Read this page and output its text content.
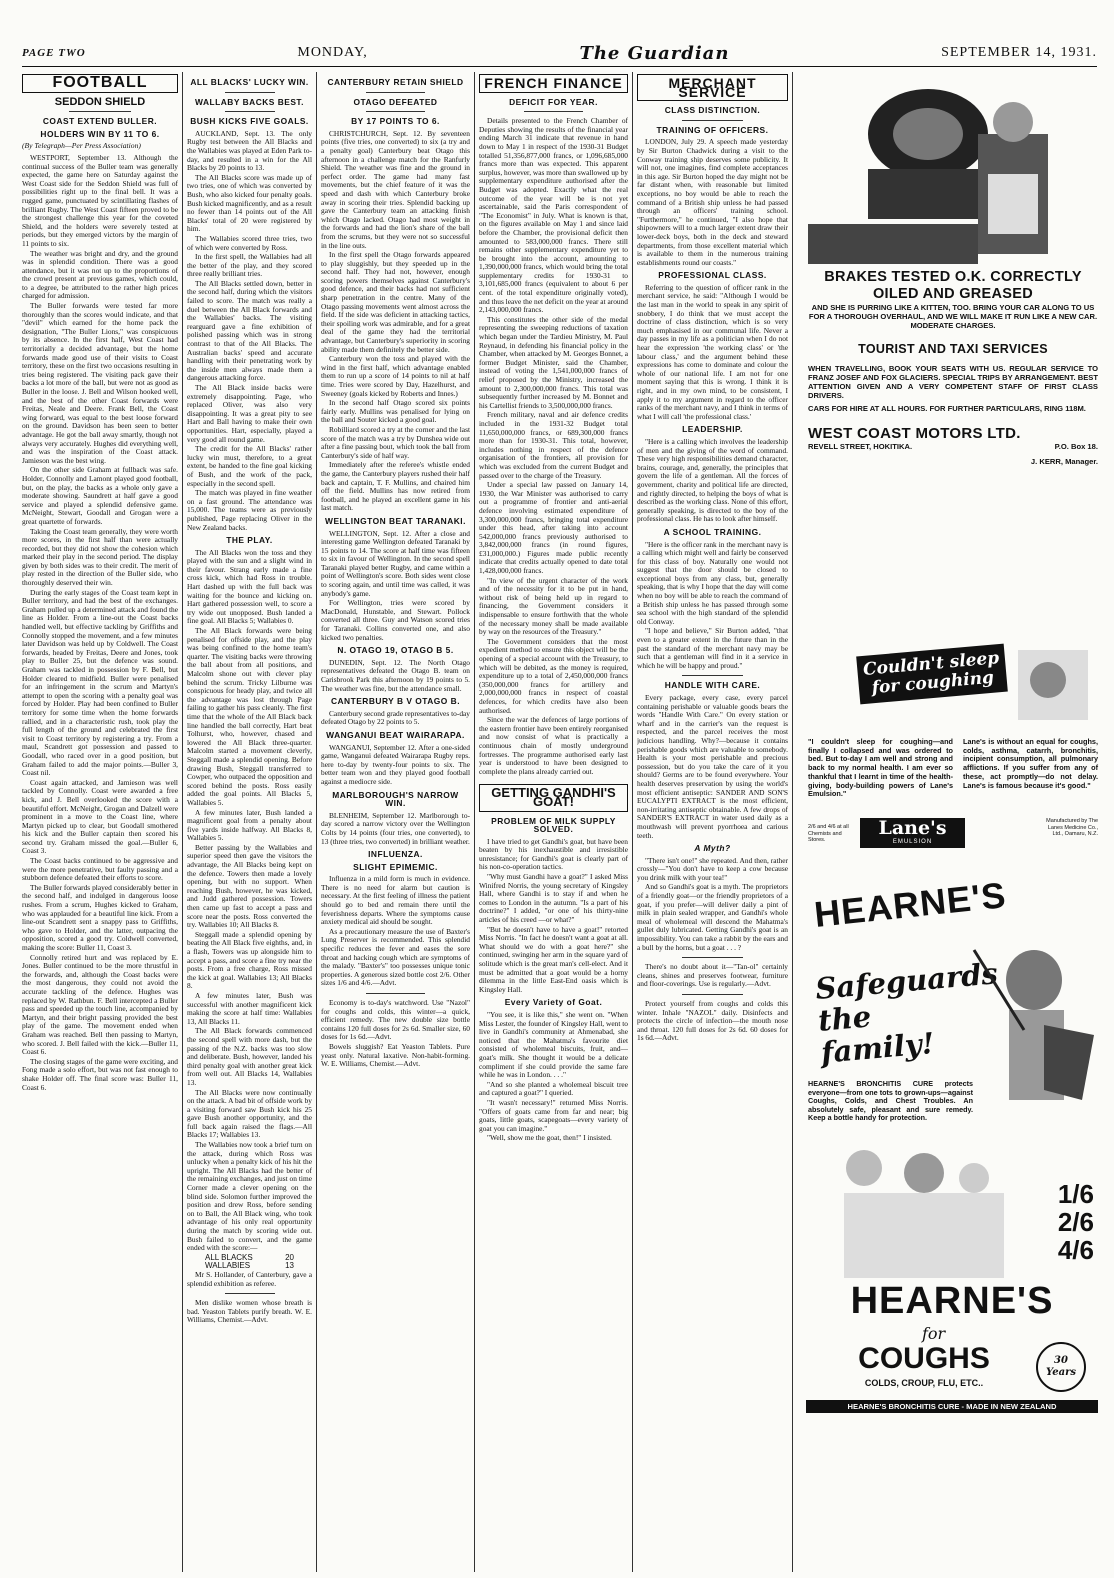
PAGE TWO	MONDAY,	The Guardian	SEPTEMBER 14, 1931.
FOOTBALL
SEDDON SHIELD
COAST EXTEND BULLER.
HOLDERS WIN BY 11 TO 6.
(By Telegraph—Per Press Association)

WESTPORT, September 13. Although the continual success of the Buller team was generally expected, the game here on Saturday against the West Coast side for the Seddon Shield was full of possibilities right up to the final bell. It was a rugged game, punctuated by scintillating flashes of brilliant Rugby. The West Coast fifteen proved to be the strongest challenge this year for the coveted Shield, and the holders were severely tested at periods, but they emerged victors by the margin of 11 points to six.

The weather was bright and dry, and the ground was in splendid condition. There was a good attendance, but it was not up to the proportions of the crowd present at previous games, which could, to a degree, be attributed to the rather high prices charged for admission.

The Buller forwards were tested far more thoroughly than the scores would indicate, and that "devil" which earned for the home pack the designation, "The Buller Lions," was conspicuous by its absence. In the first half, West Coast had territorially a decided advantage, but the home forwards made good use of their visits to Coast territory, these on the first two occasions resulting in tries being registered. The visiting pack gave their backs a lot more of the ball, but were not as good as Buller in the loose. J. Bell and Wilson hooked well, and the best of the other Coast forwards were Freitas, Neale and Deere. Frank Bell, the Coast wing forward, was equal to the best loose forward on the ground. Davidson has been seen to better advantage. He got the ball away smartly, though not always very accurately. Hughes did everything well, and was the inspiration of the Coast attack. Jamieson was the best wing.

On the other side Graham at fullback was safe. Holder, Connolly and Lamont played good football, but, on the play, the backs as a whole only gave a moderate showing. Saundrett at half gave a good service and played a splendid defensive game. McNeight, Stewart, Goodall and Grogan were a great quartette of forwards.

Taking the Coast team generally, they were worth more scores, in the first half than were actually recorded, but they did not show the cohesion which marked their play in the second period. The display given by both sides was to their credit. The merit of play rested in the direction of the Buller side, who thoroughly deserved their win.

During the early stages of the Coast team kept in Buller territory, and had the best of the exchanges. Graham pulled up a determined attack and found the line as Holder. From a line-out the Coast backs handled well, but effective tackling by Griffiths and Connolly stopped the movement, and a few minutes later Davidson was held up by Coldwell. The Coast forwards, headed by Freitas, Deere and Jones, took play to Buller 25, but the defence was sound. Graham was tackled in possession by F. Bell, but Holder cleared to midfield. Buller were penalised for an infringement in the scrum and Martyn's attempt to open the scoring with a penalty goal was forced by Holder. Play had been confined to Buller territory for some time when the home forwards rallied, and in a characteristic rush, took play the full length of the ground and celebrated the first visit to Coast territory by registering a try. From a maul, Scandrett got possession and passed to Goodall, who raced over in a good position, but Graham failed to add the major points.—Buller 3, Coast nil.

Coast again attacked, and Jamieson was well tackled by Connolly. Coast were awarded a free kick, and J. Bell overlooked the score with a beautiful effort. McNeight, Grogan and Dalzell were prominent in a move to the Coast line, where Martyn picked up to clear, but Goodall smothered his kick and the Buller captain then scored his second try. Graham missed the goal.—Buller 6, Coast 3.

The Coast backs continued to be aggressive and were the more penetrative, but faulty passing and a stubborn defence defeated their efforts to score.

The Buller forwards played considerably better in the second half, and indulged in dangerous loose rushes. From a scrum, Hughes kicked to Graham, who was applauded for a beautiful line kick. From a line-out Scandrett sent a snappy pass to Griffiths, who gave to Holder, and the latter, outpacing the opposition, scored a good try. Coldwell converted, making the score: Buller 11, Coast 3.

Connolly retired hurt and was replaced by E. Jones. Buller continued to be the more thrustful in the forwards, and, although the Coast backs were the most dangerous, they could not avoid the accurate tackling of the defence. Hughes was replaced by W. Rathbun. F. Bell intercepted a Buller pass and speeded up the touch line, accompanied by Martyn, and their bright passing provided the best play of the game. The movement ended when Graham was reached. Bell then passing to Martyn, who scored. J. Bell failed with the kick.—Buller 11, Coast 6.

The closing stages of the game were exciting, and Fong made a solo effort, but was not fast enough to shake Holder off. The final score was: Buller 11, Coast 6.

ALL BLACKS' LUCKY WIN.
WALLABY BACKS BEST.
BUSH KICKS FIVE GOALS.

AUCKLAND, Sept. 13. The only Rugby test between the All Blacks and the Wallabies was played at Eden Park to-day, and resulted in a win for the All Blacks by 20 points to 13.

The All Blacks score was made up of two tries, one of which was converted by Bush, who also kicked four penalty goals. Bush kicked magnificently, and as a result no fewer than 14 points out of the All Blacks' total of 20 were registered by him.

The Wallabies scored three tries, two of which were converted by Ross.

In the first spell, the Wallabies had all the better of the play, and they scored three really brilliant tries.

The All Blacks settled down, better in the second half, during which the visitors failed to score. The match was really a duel between the All Black forwards and the Wallabies' backs. The visiting rearguard gave a fine exhibition of polished passing which was in strong contrast to that of the All Blacks. The Australian backs' speed and accurate handling with their penetrating work by the inside men always made them a dangerous attacking force.

The All Black inside backs were extremely disappointing. Page, who replaced Oliver, was also very disappointing. It was a great pity to see Hart and Ball having to make their own opportunities. Hart, especially, played a very good all round game.

The credit for the All Blacks' rather lucky win must, therefore, to a great extent, be handed to the fine goal kicking of Bush, and the work of the pack, especially in the second spell.

The match was played in fine weather on a fast ground. The attendance was 15,000. The teams were as previously published, Page replacing Oliver in the New Zealand backs.

THE PLAY.

The All Blacks won the toss and they played with the sun and a slight wind in their favour. Strang early made a fine cross kick, which had Ross in trouble. Hart dashed up with the full back was waiting for the bounce and kicking on. Hart gathered possession well, to score a try wide out unopposed. Bush landed a fine goal. All Blacks 5; Wallabies 0.

The All Black forwards were being penalised for offside play, and the play was being confined to the home team's quarter. The visiting backs were throwing the ball about from all positions, and Malcolm shone out with clever play behind the scrum. Tricky Lilburne was conspicuous for heady play, and twice all the advantage was lost through Page failing to gather his pass cleanly. The first time that the whole of the All Black back line handled the ball correctly, Hart beat Tolhurst, who, however, chased and lowered the All Black three-quarter. Malcolm started a movement cleverly, Steggall made a splendid opening. Before drawing Bush, Steggall transferred to Cowper, who outpaced the opposition and scored behind the posts. Ross easily added the goal points. All Blacks 5, Wallabies 5.

A few minutes later, Bush landed a magnificent goal from a penalty about five yards inside halfway. All Blacks 8, Wallabies 5.

Better passing by the Wallabies and superior speed then gave the visitors the advantage, the All Blacks being kept on the defence. Towers then made a lovely opening, but with no support. When reaching Bush, however, he was kicked, and Judd gathered possession. Towers then came up fast to accept a pass and score near the posts. Ross converted the try. Wallabies 10; All Blacks 8.

Steggall made a splendid opening by beating the All Black five eighths, and, in a flash, Towers was up alongside him to accept a pass, and score a fine try near the posts. From a free charge, Ross missed the kick at goal. Wallabies 13; All Blacks 8.

A few minutes later, Bush was successful with another magnificent kick making the score at half time: Wallabies 13, All Blacks 11.

The All Black forwards commenced the second spell with more dash, but the passing of the N.Z. backs was too slow and deliberate. Bush, however, landed his third penalty goal with another great kick from well out. All Blacks 14, Wallabies 13.

The All Blacks were now continually on the attack. A bad bit of offside work by a visiting forward saw Bush kick his 25 gave Bush another opportunity, and the full back again raised the flags.—All Blacks 17; Wallabies 13.

The Wallabies now took a brief turn on the attack, during which Ross was unlucky when a penalty kick of his hit the upright. The All Blacks had the better of the remaining exchanges, and just on time Corner made a clever opening on the blind side. Solomon further improved the position and drew Ross, before sending on to Ball, the All Black wing, who took advantage of his only real opportunity during the match by scoring wide out. Bush failed to convert, and the game ended with the score:—

ALL BLACKS	20
WALLABIES	13

Mr S. Hollander, of Canterbury, gave a splendid exhibition as referee.

Men dislike women whose breath is bad. Yeaston Tablets purify breath. W. E. Williams, Chemist.—Advt.

CANTERBURY RETAIN SHIELD
OTAGO DEFEATED
BY 17 POINTS TO 6.

CHRISTCHURCH, Sept. 12. By seventeen points (five tries, one converted) to six (a try and a penalty goal) Canterbury beat Otago this afternoon in a challenge match for the Ranfurly Shield. The weather was fine and the ground in perfect order. The game had many fast movements, but the chief feature of it was the speed and dash with which Canterbury broke away in scoring their tries. Splendid backing up gave the Canterbury team an attacking finish which Otago lacked. Otago had most weight in the forwards and had the lion's share of the ball from the scrums, but they were not so successful in the line outs.

In the first spell the Otago forwards appeared to play sluggishly, but they speeded up in the second half. They had not, however, enough scoring powers themselves against Canterbury's good defence, and their backs had not sufficient sharp penetration in the centre. Many of the Otago passing movements went almost across the field. If the side was deficient in attacking tactics, their spoiling work was admirable, and for a great deal of the game they had the territorial advantage, but Canterbury's superiority in scoring ability made them definitely the better side.

Canterbury won the toss and played with the wind in the first half, which advantage enabled them to run up a score of 14 points to nil at half time. Tries were scored by Day, Hazelhurst, and Sweeney (goals kicked by Roberts and Innes.)

In the second half Otago scored six points fairly early. Mullins was penalised for lying on the ball and Souter kicked a good goal.

Robilliard scored a try at the corner and the last score of the match was a try by Dunshea wide out after a fine passing bout, which took the ball from Canterbury's side of half way.

Immediately after the referee's whistle ended the game, the Canterbury players rushed their half back and captain, T. F. Mullins, and chaired him off the field. Mullins has now retired from football, and he played an excellent game in his last match.

WELLINGTON BEAT TARANAKI.

WELLINGTON, Sept. 12. After a close and interesting game Wellington defeated Taranaki by 15 points to 14. The score at half time was fifteen to six in favour of Wellington. In the second spell Taranaki played better Rugby, and came within a point of Wellington's score. Both sides went close to scoring again, and until time was called, it was anybody's game.

For Wellington, tries were scored by MacDonald, Hunstable, and Stewart. Pollock converted all three. Guy and Watson scored tries for Taranaki. Collins converted one, and also kicked two penalties.

N. OTAGO 19, OTAGO B 5.

DUNEDIN, Sept. 12. The North Otago representatives defeated the Otago B. team on Carisbrook Park this afternoon by 19 points to 5. The weather was fine, but the attendance small.

CANTERBURY B V OTAGO B.

Canterbury second grade representatives to-day defeated Otago by 22 points to 5.

WANGANUI BEAT WAIRARAPA.

WANGANUI, September 12. After a one-sided game, Wanganui defeated Wairarapa Rugby reps. here to-day by twenty-four points to six. The better team won and they played good football against a mediocre side.

MARLBOROUGH'S NARROW WIN.

BLENHEIM, September 12. Marlborough to-day scored a narrow victory over the Wellington Colts by 14 points (four tries, one converted), to 13 (three tries, two converted) in brilliant weather.

INFLUENZA.
SLIGHT EPIMEMIC.

Influenza in a mild form is much in evidence. There is no need for alarm but caution is necessary. At the first feeling of illness the patient should go to bed and remain there until the feverishness departs. Where the symptoms cause anxiety medical aid should be sought.

As a precautionary measure the use of Baxter's Lung Preserver is recommended. This splendid specific reduces the fever and eases the sore throat and hacking cough which are symptoms of the malady. "Baxter's" too possesses unique tonic properties. A generous sized bottle cost 2/6. Other sizes 1/6 and 4/6.—Advt.

Economy is to-day's watchword. Use "Nazol" for coughs and colds, this winter—a quick, efficient remedy. The new double size bottle contains 120 full doses for 2s 6d. Smaller size, 60 doses for 1s 6d.—Advt.

Bowels sluggish? Eat Yeaston Tablets. Pure yeast only. Natural laxative. Non-habit-forming. W. E. Williams, Chemist.—Advt.

FRENCH FINANCE
DEFICIT FOR YEAR.

Details presented to the French Chamber of Deputies showing the results of the financial year ending March 31 indicate that revenue in hand down to May 1 in respect of the 1930-31 Budget totalled 51,356,877,000 francs, or 1,096,685,000 francs more than was expected. This apparent surplus, however, was more than swallowed up by supplementary expenditure authorised after the Budget was adopted. Exactly what the real outcome of the year will be is not yet ascertainable, said the Paris correspondent of "The Economist" in July. What is known is that, on the figures available on May 1 and since laid before the Chamber, the provisional deficit then amounted to 583,000,000 francs. There still remains other supplementary expenditure yet to be brought into the account, amounting to 1,390,000,000 francs, which would bring the total supplementary credits for 1930-31 to 3,101,685,000 francs (equivalent to about 6 per cent. of the total expenditure originally voted), and thus leave the net deficit on the year at around 2,143,000,000 francs.

This constitutes the other side of the medal representing the sweeping reductions of taxation which began under the Tardieu Ministry, M. Paul Reynaud, in defending his financial policy in the Chamber, when attacked by M. Georges Bonnet, a former Budget Minister, said the Chamber, instead of voting the 1,541,000,000 francs of relief proposed by the Ministry, increased the amount to 2,300,000,000 francs. This total was subsequently further increased by M. Bonnet and his Cartellist friends to 3,500,000,000 francs.

French military, naval and air defence credits included in the 1931-32 Budget total 11,650,000,000 francs, or 689,300,000 francs more than for 1930-31. This total, however, includes nothing in respect of the defence organisation of the frontiers, all provision for which was excluded from the current Budget and passed over to the charge of the Treasury.

Under a special law passed on January 14, 1930, the War Minister was authorised to carry out a programme of frontier and anti-aerial defence involving estimated expenditure of 3,300,000,000 francs, bringing total expenditure under this head, after taking into account 542,000,000 francs previously authorised to 3,842,000,000 francs (in round figures, £31,000,000.) Figures made public recently indicate that credits actually opened to date total 1,428,000,000 francs.

"In view of the urgent character of the work and of the necessity for it to be put in hand, without risk of being held up in regard to financing, the Government considers it indispensable to ensure forthwith that the whole of the necessary money shall be made available by way on the resources of the Treasury."

The Government considers that the most expedient method to ensure this object will be the opening of a special account with the Treasury, to which will be debited, as the money is required, expenditure up to a total of 2,450,000,000 francs (350,000,000 francs for artillery and 2,000,000,000 francs in respect of coastal defences, for which credits have also been authorised.

Since the war the defences of large portions of the eastern frontier have been entirely reorganised and now consist of what is practically a continuous chain of mostly underground fortresses. The programme authorised early last year is understood to have been designed to complete the plans already carried out.

GETTING GANDHI'S GOAT!
PROBLEM OF MILK SUPPLY SOLVED.

I have tried to get Gandhi's goat, but have been beaten by his inexhaustible and irresistible unresistance; for Gandhi's goat is clearly part of his non-co-operation tactics.

"Why must Gandhi have a goat?" I asked Miss Winifred Norris, the young secretary of Kingsley Hall, where Gandhi is to stay if and when he comes to London in the autumn. "Is a part of his doctrine?" I added, "or one of his thirty-nine articles of his creed —or what?"

"But he doesn't have to have a goat!" retorted Miss Norris. "In fact he doesn't want a goat at all. What should we do with a goat here?" she continued, swinging her arm in the square yard of solitude which is the great man's cell-elect. And it must be admitted that a goat would be a horny dilemma in the little East-End oasis which is Kingsley Hall.

Every Variety of Goat.

"You see, it is like this," she went on. "When Miss Lester, the founder of Kingsley Hall, went to live in Gandhi's community at Ahmenabad, she noticed that the Mahatma's favourite diet consisted of wholemeal biscuits, fruit, and—goat's milk. She thought it would be a delicate compliment if she could provide the same fare while he was in London. . . ."

"And so she planted a wholemeal biscuit tree and captured a goat?" I queried.

"It wasn't necessary!" returned Miss Norris. "Offers of goats came from far and near; big goats, little goats, scapegoats—every variety of goat you can imagine."

"Well, show me the goat, then!" I insisted.

MERCHANT SERVICE
CLASS DISTINCTION.
TRAINING OF OFFICERS.

LONDON, July 29. A speech made yesterday by Sir Burton Chadwick during a visit to the Conway training ship deserves some publicity. It will not, one imagines, find complete acceptances in this age. Sir Burton hoped the day might not be far distant when, with reasonable but limited exceptions, no boy would be able to reach the command of a British ship unless he had passed through an officers' training school. "Furthermore," he continued, "I also hope that shipowners will to a much larger extent draw their lower-deck boys, both in the deck and steward departments, from those excellent material which is available to them in the numerous training establishments round our coasts."

PROFESSIONAL CLASS.

Referring to the question of officer rank in the merchant service, he said: "Although I would be the last man in the world to speak in any spirit of snobbery, I do think that we must accept the doctrine of class distinction, which is so very much emphasised in our communal life. Never a day passes in my life as a politician when I do not hear the expression 'the working class' or 'the labour class,' and the argument behind these expressions has come to dominate and colour the whole of our national life. I am not for one moment saying that this is wrong. I think it is right, and in my own mind, to be consistent, I apply it to my argument in regard to the officer ranks of the merchant navy, and I think in terms of what I will call 'the professional class.'

LEADERSHIP.

"Here is a calling which involves the leadership of men and the giving of the word of command. These very high responsibilities demand character, brains, courage, and, generally, the principles that govern the life of a gentleman. All the forces of government, charity and political life are directed, and rightly directed, to helping the boys of what is described as the working class. None of this effort, generally speaking, is directed to the boy of the professional class. He has to look after himself.

A SCHOOL TRAINING.

"Here is the officer rank in the merchant navy is a calling which might well and fairly be conserved for this class of boy. Naturally one would not suggest that the door should be closed to exceptional boys from any class, but, generally speaking, that is why I hope that the day will come when no boy will be able to reach the command of a British ship unless he has passed through some sea school with the high standard of the splendid old Conway.

"I hope and believe," Sir Burton added, "that even to a greater extent in the future than in the past the standard of the merchant navy may be such that a gentleman will find in it a service in which he will be happy and proud."

HANDLE WITH CARE.

Every package, every case, every parcel containing perishable or valuable goods bears the words "Handle With Care." On every station or wharf and in the carrier's van the request is respected, and the parcel receives the most judicious handling. Why?—because it contains perishable goods which are valuable to somebody. Health is your most perishable and precious possession, but do you take the care of it you should? Germs are to be found everywhere. Your health deserves preservation by using the world's most efficient antiseptic: SANDER AND SON'S EUCALYPTI EXTRACT is the most efficient, non-irritating antiseptic obtainable. A few drops of SANDER'S EXTRACT in water used daily as a mouthwash will prevent pyorrhoea and carious teeth.

A Myth?

"There isn't one!" she repeated. And then, rather crossly—"You don't have to keep a cow because you drink milk with your tea!"

And so Gandhi's goat is a myth. The proprietors of a friendly goat—or the friendly proprietors of a goat, if you prefer—will deliver daily a pint of milk in plain sealed wrapper, and Gandhi's whole meal of wholemeal will descend the Mahatma's gullet duly lubricated. Getting Gandhi's goat is an impossibility. You can take a rabbit by the ears and a bull by the horns, but a goat . . . ?

There's no doubt about it—"Tan-ol" certainly cleans, shines and preserves footwear, furniture and floor-coverings. Use is regularly.—Advt.

Protect yourself from coughs and colds this winter. Inhale "NAZOL" daily. Disinfects and protects the circle of infection—the mouth nose and throat. 120 full doses for 2s 6d. 60 doses for 1s 6d.—Advt.

BRAKES TESTED O.K. CORRECTLY OILED AND GREASED
AND SHE IS PURRING LIKE A KITTEN, TOO. BRING YOUR CAR ALONG TO US FOR A THOROUGH OVERHAUL, AND WE WILL MAKE IT RUN LIKE A NEW CAR. MODERATE CHARGES.
TOURIST AND TAXI SERVICES
WHEN TRAVELLING, BOOK YOUR SEATS WITH US. REGULAR SERVICE TO FRANZ JOSEF AND FOX GLACIERS. SPECIAL TRIPS BY ARRANGEMENT. BEST ATTENTION GIVEN AND A VERY COMPETENT STAFF OF FIRST CLASS DRIVERS.
CARS FOR HIRE AT ALL HOURS. FOR FURTHER PARTICULARS, RING 118M.
WEST COAST MOTORS LTD.
REVELL STREET, HOKITIKA.	P.O. Box 18.
J. KERR, Manager.
Couldn't sleep for coughing
"I couldn't sleep for coughing—and finally I collapsed and was ordered to bed. But to-day I am well and strong and back to my normal health. I am ever so thankful that I learnt in time of the health-giving, body-building powers of Lane's Emulsion."
Lane's is without an equal for coughs, colds, asthma, catarrh, bronchitis, incipient consumption, all pulmonary afflictions. If you suffer from any of these, act promptly—do not delay. Lane's is famous because it's good."
2/6 and 4/6 at all Chemists and Stores.
Lane's
EMULSION
Manufactured by The Lanes Medicine Co., Ltd., Oamaru, N.Z.
HEARNE'S
Safeguards the family!
HEARNE'S BRONCHITIS CURE protects everyone—from one tots to grown-ups—against Coughs, Colds, and Chest Troubles. An absolutely safe, pleasant and sure remedy. Keep a bottle handy for protection.
1/6
2/6
4/6
HEARNE'S
for
COUGHS
COLDS, CROUP, FLU, ETC..
30 Years
HEARNE'S BRONCHITIS CURE - MADE IN NEW ZEALAND
